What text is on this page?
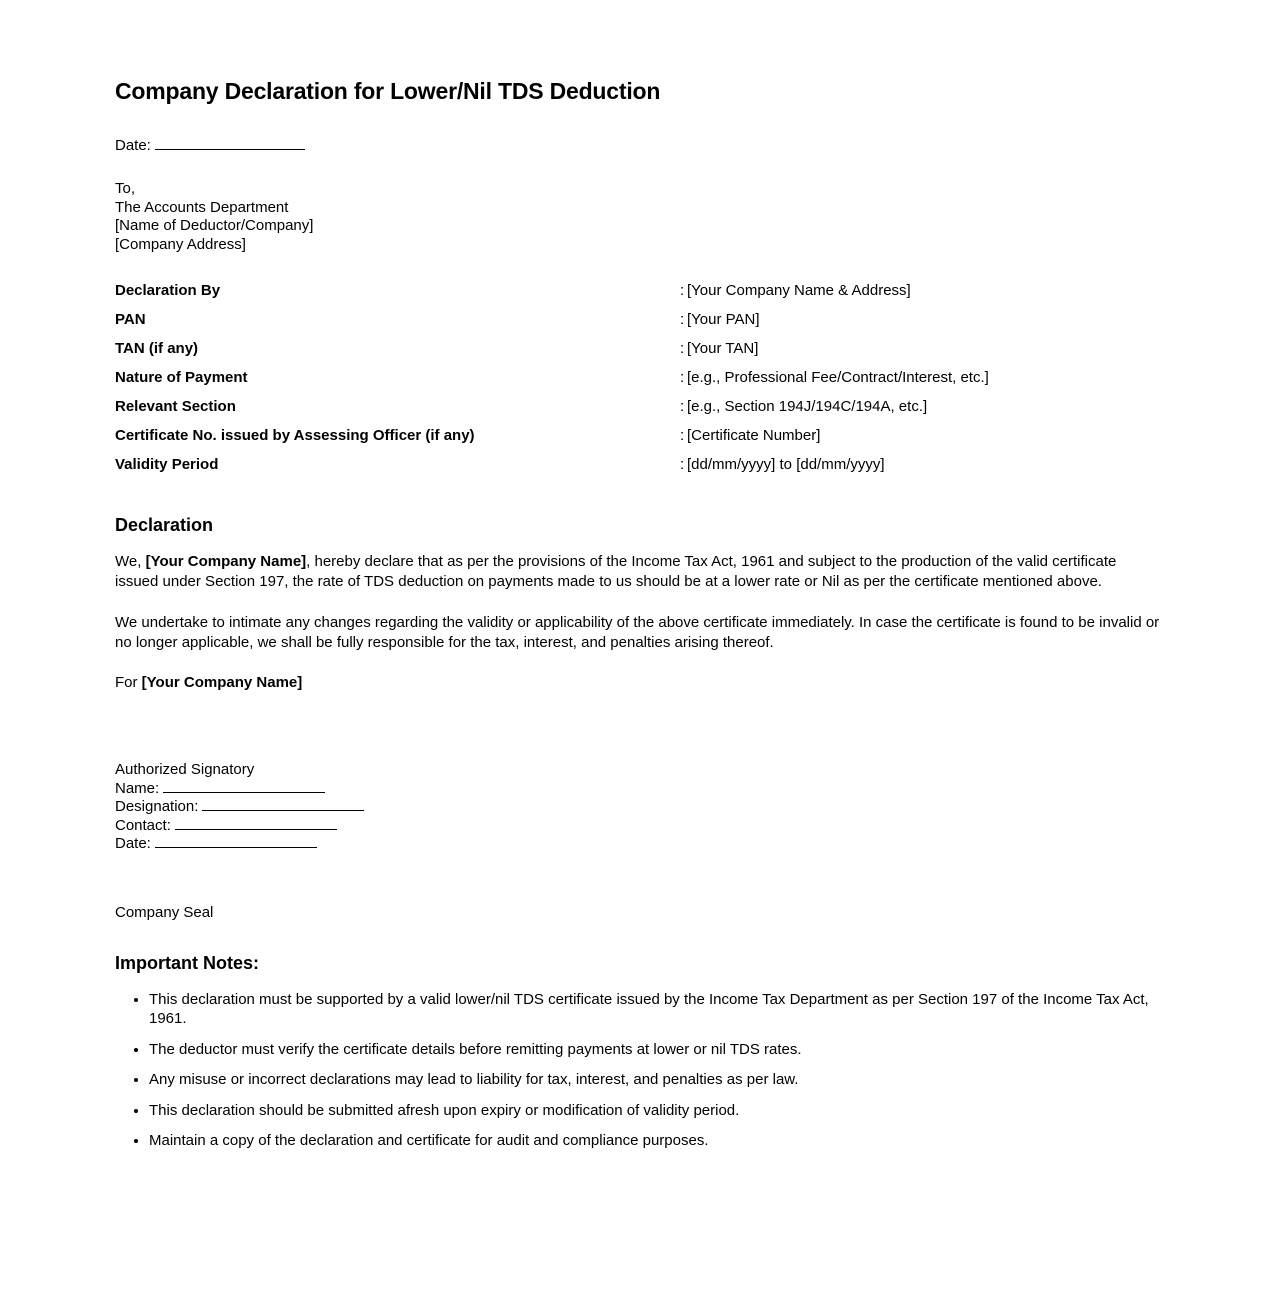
Company Declaration for Lower/Nil TDS Deduction
Date:
To,
The Accounts Department
[Name of Deductor/Company]
[Company Address]
Declaration By	: [Your Company Name & Address]
PAN	: [Your PAN]
TAN (if any)	: [Your TAN]
Nature of Payment	: [e.g., Professional Fee/Contract/Interest, etc.]
Relevant Section	: [e.g., Section 194J/194C/194A, etc.]
Certificate No. issued by Assessing Officer (if any)	: [Certificate Number]
Validity Period	: [dd/mm/yyyy] to [dd/mm/yyyy]
Declaration

We, [Your Company Name], hereby declare that as per the provisions of the Income Tax Act, 1961 and subject to the production of the valid certificate issued under Section 197, the rate of TDS deduction on payments made to us should be at a lower rate or Nil as per the certificate mentioned above.

We undertake to intimate any changes regarding the validity or applicability of the above certificate immediately. In case the certificate is found to be invalid or no longer applicable, we shall be fully responsible for the tax, interest, and penalties arising thereof.

For [Your Company Name]
Authorized Signatory
Name:
Designation:
Contact:
Date:
Company Seal
Important Notes:
• This declaration must be supported by a valid lower/nil TDS certificate issued by the Income Tax Department as per Section 197 of the Income Tax Act, 1961.
• The deductor must verify the certificate details before remitting payments at lower or nil TDS rates.
• Any misuse or incorrect declarations may lead to liability for tax, interest, and penalties as per law.
• This declaration should be submitted afresh upon expiry or modification of validity period.
• Maintain a copy of the declaration and certificate for audit and compliance purposes.
